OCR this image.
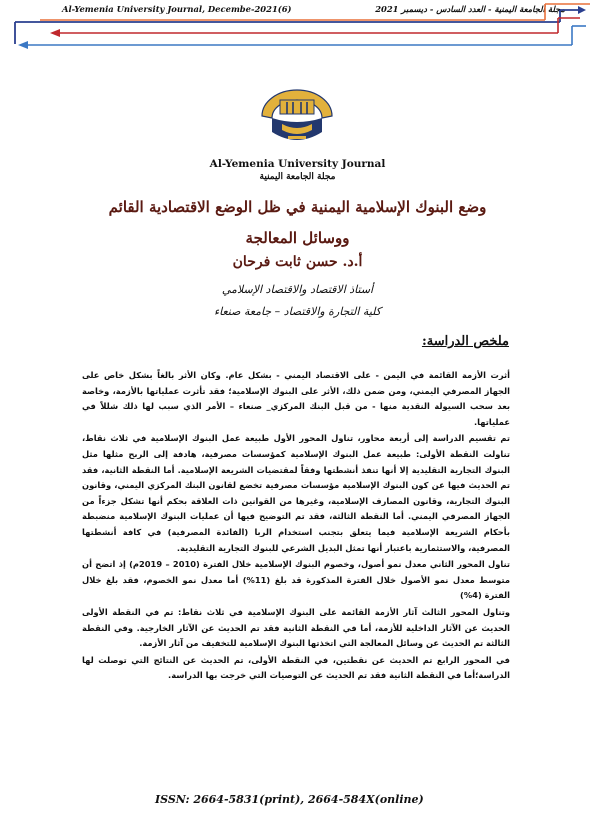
Al-Yemenia University Journal, Decembe-2021(6)	مجلة الجامعة اليمنية - العدد السادس - ديسمبر 2021
Al-Yemenia University Journal
مجلة الجامعة اليمنية
وضع البنوك الإسلامية اليمنية في ظل الوضع الاقتصادية القائم
ووسائل المعالجة
أ.د. حسن ثابت فرحان
أستاذ الاقتصاد والاقتصاد الإسلامي
كلية التجارة والاقتصاد – جامعة صنعاء
ملخص الدراسة:

أثرت الأزمة القائمة في اليمن - على الاقتصاد اليمني - بشكل عام. وكان الأثر بالغاً بشكل خاص على الجهاز المصرفي اليمني، ومن ضمن ذلك، الأثر على البنوك الإسلامية؛ فقد تأثرت عملياتها بالأزمة، وخاصة بعد سحب السيولة النقدية منها - من قبل البنك المركزي_ صنعاء – الأمر الذي سبب لها ذلك شللاً في عملياتها.

تم تقسيم الدراسة إلى أربعة محاور، تناول المحور الأول طبيعة عمل البنوك الإسلامية في ثلاث نقاط، تناولت النقطة الأولى: طبيعة عمل البنوك الإسلامية كمؤسسات مصرفية، هادفة إلى الربح مثلها مثل البنوك التجارية التقليدية إلا أنها تنفذ أنشطتها وفقاً لمقتضيات الشريعة الإسلامية. أما النقطة الثانية، فقد تم الحديث فيها عن كون البنوك الإسلامية مؤسسات مصرفية تخضع لقانون البنك المركزي اليمني، وقانون البنوك التجارية، وقانون المصارف الإسلامية، وغيرها من القوانين ذات العلاقة بحكم أنها تشكل جزءاً من الجهاز المصرفي اليمني. أما النقطة الثالثة، فقد تم التوضيح فيها أن عمليات البنوك الإسلامية منضبطة بأحكام الشريعة الإسلامية فيما يتعلق بتجنب استخدام الربا (الفائدة المصرفية) في كافة أنشطتها المصرفية، والاستثمارية باعتبار أنها تمثل البديل الشرعي للبنوك التجارية التقليدية.

تناول المحور الثاني معدل نمو أصول، وخصوم البنوك الإسلامية خلال الفترة (2010 – 2019م) إذ اتضح أن متوسط معدل نمو الأصول خلال الفترة المذكورة قد بلغ (11%) أما معدل نمو الخصوم، فقد بلغ خلال الفترة (4%)

وتناول المحور الثالث آثار الأزمة القائمة على البنوك الإسلامية في ثلاث نقاط: تم في النقطة الأولى الحديث عن الآثار الداخلية للأزمة، أما في النقطة الثانية فقد تم الحديث عن الآثار الخارجية. وفي النقطة الثالثة تم الحديث عن وسائل المعالجة التي اتخذتها البنوك الإسلامية للتخفيف من آثار الأزمة.

في المحور الرابع تم الحديث عن نقطتين، في النقطة الأولى، تم الحديث عن النتائج التي توصلت لها الدراسة؛أما في النقطة الثانية فقد تم الحديث عن التوصيات التي خرجت بها الدراسة.

ISSN: 2664-5831(print), 2664-584X(online)
